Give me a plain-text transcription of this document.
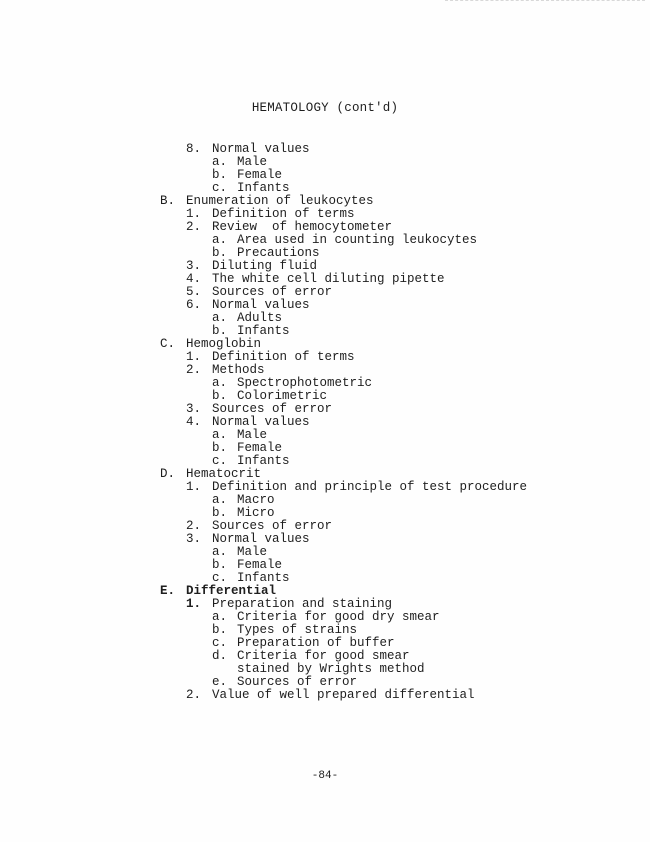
HEMATOLOGY (cont'd)
8. Normal values
a. Male
b. Female
c. Infants
B. Enumeration of leukocytes
1. Definition of terms
2. Review  of hemocytometer
a. Area used in counting leukocytes
b. Precautions
3. Diluting fluid
4. The white cell diluting pipette
5. Sources of error
6. Normal values
a. Adults
b. Infants
C. Hemoglobin
1. Definition of terms
2. Methods
a. Spectrophotometric
b. Colorimetric
3. Sources of error
4. Normal values
a. Male
b. Female
c. Infants
D. Hematocrit
1. Definition and principle of test procedure
a. Macro
b. Micro
2. Sources of error
3. Normal values
a. Male
b. Female
c. Infants
E. Differential
1. Preparation and staining
a. Criteria for good dry smear
b. Types of strains
c. Preparation of buffer
d. Criteria for good smear
stained by Wrights method
e. Sources of error
2. Value of well prepared differential
-84-
